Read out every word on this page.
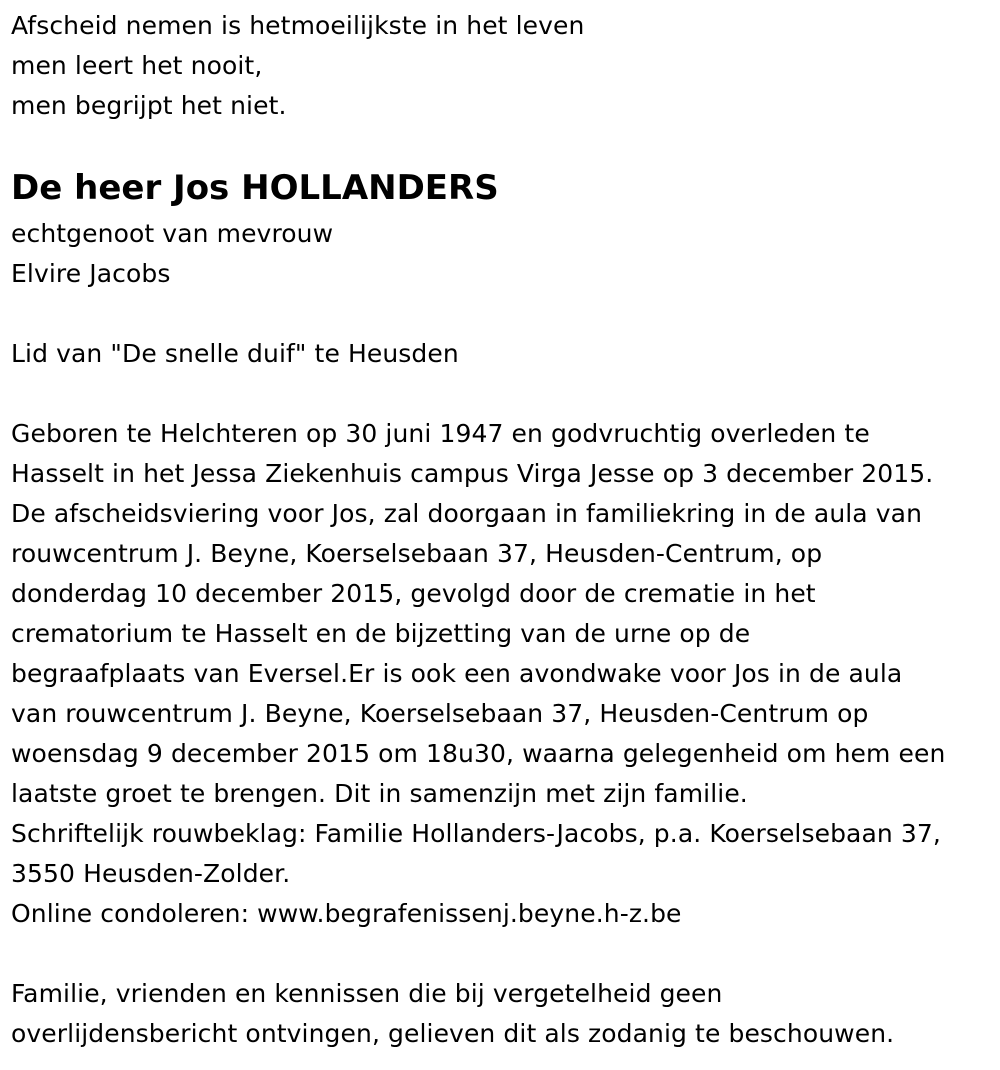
Afscheid nemen is hetmoeilijkste in het leven
men leert het nooit,
men begrijpt het niet.
De heer Jos HOLLANDERS
echtgenoot van mevrouw
Elvire Jacobs
Lid van "De snelle duif" te Heusden
Geboren te Helchteren op 30 juni 1947 en godvruchtig overleden te
Hasselt in het Jessa Ziekenhuis campus Virga Jesse op 3 december 2015.
De afscheidsviering voor Jos, zal doorgaan in familiekring in de aula van
rouwcentrum J. Beyne, Koerselsebaan 37, Heusden-Centrum, op
donderdag 10 december 2015, gevolgd door de crematie in het
crematorium te Hasselt en de bijzetting van de urne op de
begraafplaats van Eversel.Er is ook een avondwake voor Jos in de aula
van rouwcentrum J. Beyne, Koerselsebaan 37, Heusden-Centrum op
woensdag 9 december 2015 om 18u30, waarna gelegenheid om hem een
laatste groet te brengen. Dit in samenzijn met zijn familie.
Schriftelijk rouwbeklag: Familie Hollanders-Jacobs, p.a. Koerselsebaan 37,
3550 Heusden-Zolder.
Online condoleren: www.begrafenissenj.beyne.h-z.be
Familie, vrienden en kennissen die bij vergetelheid geen
overlijdensbericht ontvingen, gelieven dit als zodanig te beschouwen.
